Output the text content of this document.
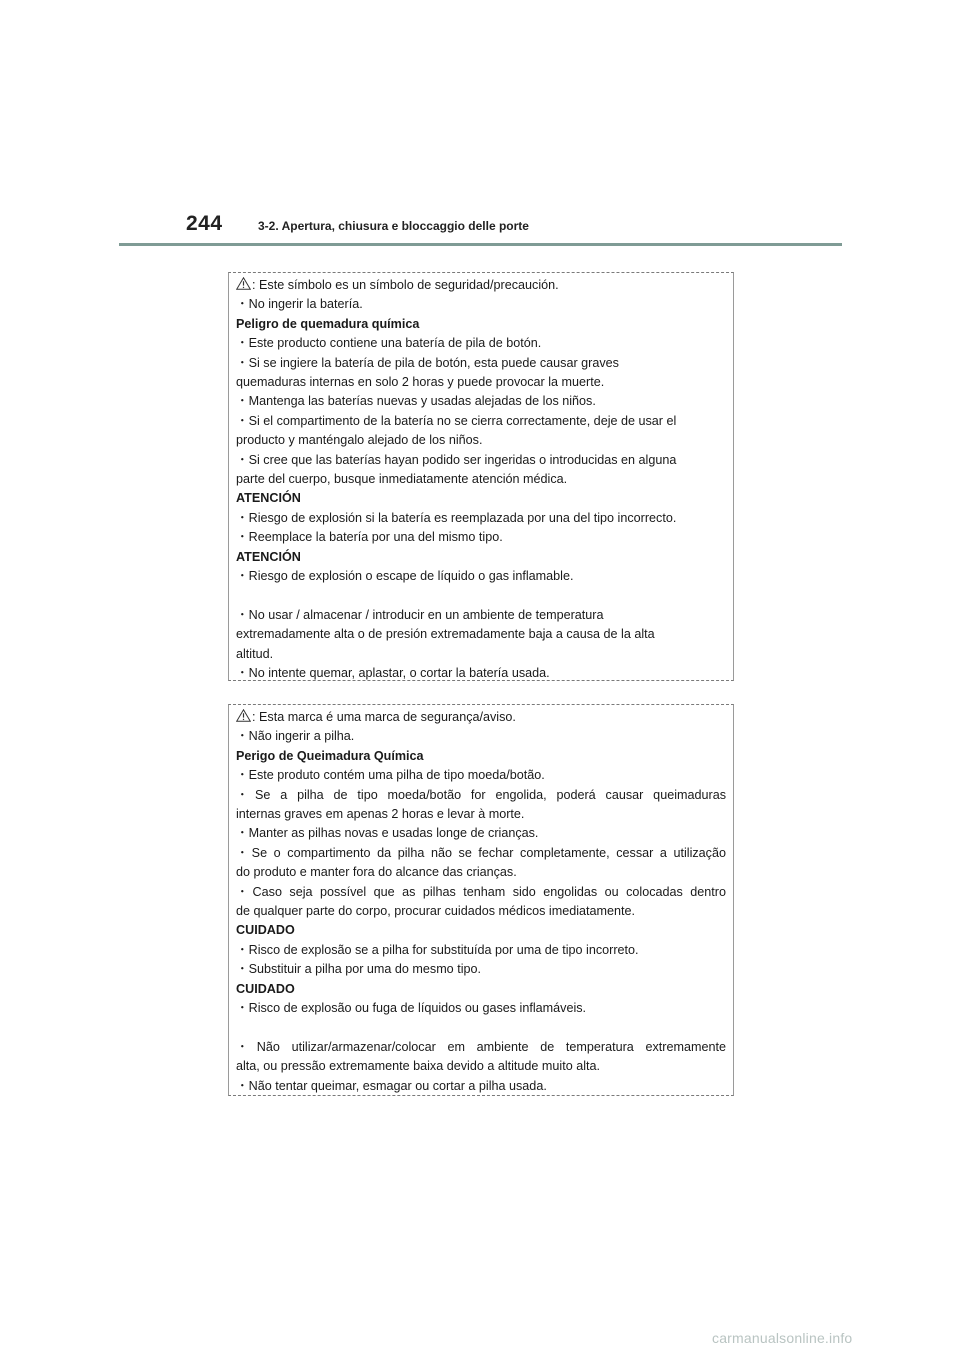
244	3-2. Apertura, chiusura e bloccaggio delle porte
: Este símbolo es un símbolo de seguridad/precaución.
・No ingerir la batería.
Peligro de quemadura química
・Este producto contiene una batería de pila de botón.
・Si se ingiere la batería de pila de botón, esta puede causar graves
quemaduras internas en solo 2 horas y puede provocar la muerte.
・Mantenga las baterías nuevas y usadas alejadas de los niños.
・Si el compartimento de la batería no se cierra correctamente, deje de usar el
producto y manténgalo alejado de los niños.
・Si cree que las baterías hayan podido ser ingeridas o introducidas en alguna
parte del cuerpo, busque inmediatamente atención médica.
ATENCIÓN
・Riesgo de explosión si la batería es reemplazada por una del tipo incorrecto.
・Reemplace la batería por una del mismo tipo.
ATENCIÓN
・Riesgo de explosión o escape de líquido o gas inflamable.
・No usar / almacenar / introducir en un ambiente de temperatura
extremadamente alta o de presión extremadamente baja a causa de la alta
altitud.
・No intente quemar, aplastar, o cortar la batería usada.
: Esta marca é uma marca de segurança/aviso.
・Não ingerir a pilha.
Perigo de Queimadura Química
・Este produto contém uma pilha de tipo moeda/botão.
・Se a pilha de tipo moeda/botão for engolida, poderá causar queimaduras
internas graves em apenas 2 horas e levar à morte.
・Manter as pilhas novas e usadas longe de crianças.
・Se o compartimento da pilha não se fechar completamente, cessar a utilização
do produto e manter fora do alcance das crianças.
・Caso seja possível que as pilhas tenham sido engolidas ou colocadas dentro
de qualquer parte do corpo, procurar cuidados médicos imediatamente.
CUIDADO
・Risco de explosão se a pilha for substituída por uma de tipo incorreto.
・Substituir a pilha por uma do mesmo tipo.
CUIDADO
・Risco de explosão ou fuga de líquidos ou gases inflamáveis.
・Não utilizar/armazenar/colocar em ambiente de temperatura extremamente
alta, ou pressão extremamente baixa devido a altitude muito alta.
・Não tentar queimar, esmagar ou cortar a pilha usada.
carmanualsonline.info
